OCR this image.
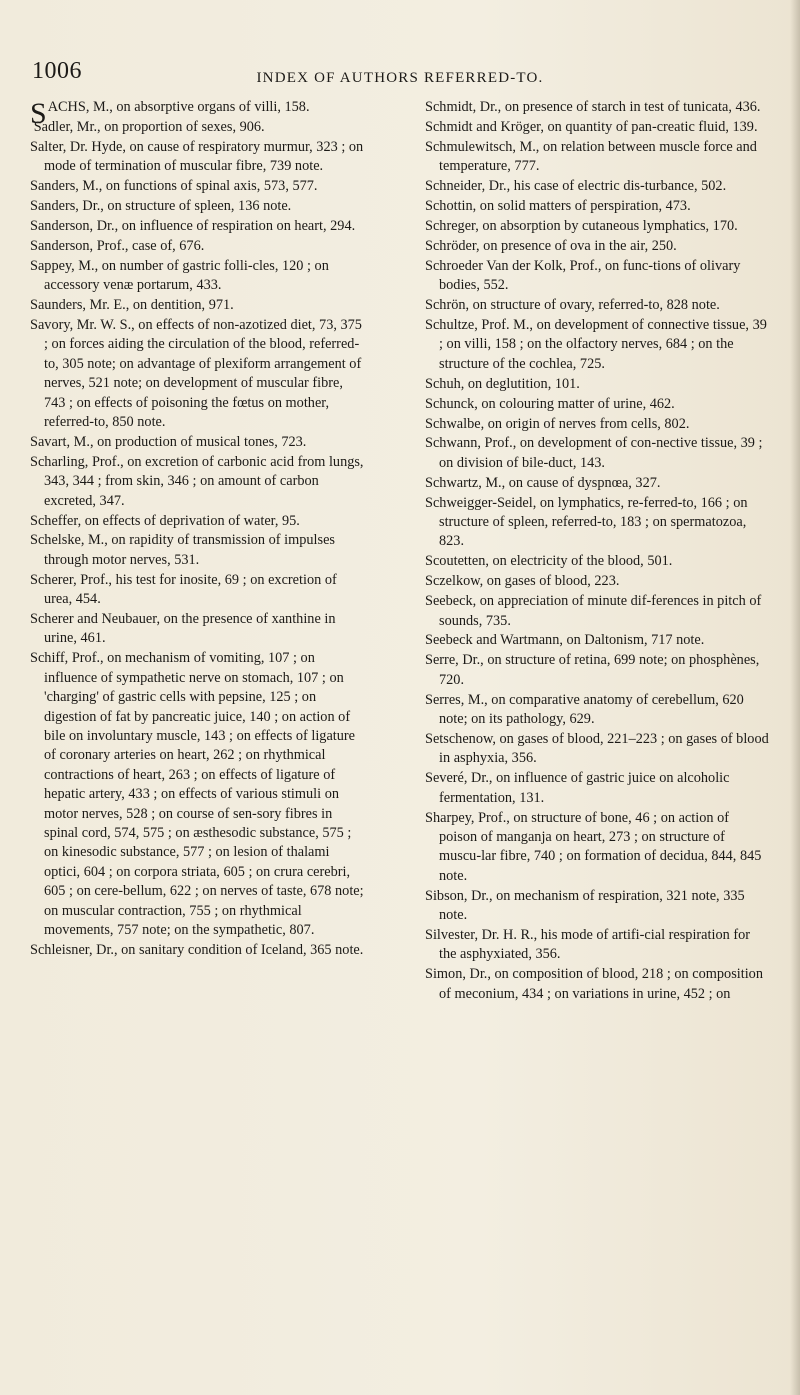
1006	INDEX OF AUTHORS REFERRED-TO.

SACHS, M., on absorptive organs of villi, 158.

Sadler, Mr., on proportion of sexes, 906.

Salter, Dr. Hyde, on cause of respiratory murmur, 323 ; on mode of termination of muscular fibre, 739 note.

Sanders, M., on functions of spinal axis, 573, 577.

Sanders, Dr., on structure of spleen, 136 note.

Sanderson, Dr., on influence of respiration on heart, 294.

Sanderson, Prof., case of, 676.

Sappey, M., on number of gastric folli-cles, 120 ; on accessory venæ portarum, 433.

Saunders, Mr. E., on dentition, 971.

Savory, Mr. W. S., on effects of non-azotized diet, 73, 375 ; on forces aiding the circulation of the blood, referred-to, 305 note; on advantage of plexiform arrangement of nerves, 521 note; on development of muscular fibre, 743 ; on effects of poisoning the fœtus on mother, referred-to, 850 note.

Savart, M., on production of musical tones, 723.

Scharling, Prof., on excretion of carbonic acid from lungs, 343, 344 ; from skin, 346 ; on amount of carbon excreted, 347.

Scheffer, on effects of deprivation of water, 95.

Schelske, M., on rapidity of transmission of impulses through motor nerves, 531.

Scherer, Prof., his test for inosite, 69 ; on excretion of urea, 454.

Scherer and Neubauer, on the presence of xanthine in urine, 461.

Schiff, Prof., on mechanism of vomiting, 107 ; on influence of sympathetic nerve on stomach, 107 ; on 'charging' of gastric cells with pepsine, 125 ; on digestion of fat by pancreatic juice, 140 ; on action of bile on involuntary muscle, 143 ; on effects of ligature of coronary arteries on heart, 262 ; on rhythmical contractions of heart, 263 ; on effects of ligature of hepatic artery, 433 ; on effects of various stimuli on motor nerves, 528 ; on course of sen-sory fibres in spinal cord, 574, 575 ; on æsthesodic substance, 575 ; on kinesodic substance, 577 ; on lesion of thalami optici, 604 ; on corpora striata, 605 ; on crura cerebri, 605 ; on cere-bellum, 622 ; on nerves of taste, 678 note; on muscular contraction, 755 ; on rhythmical movements, 757 note; on the sympathetic, 807.

Schleisner, Dr., on sanitary condition of Iceland, 365 note.

Schmidt, Dr., on presence of starch in test of tunicata, 436.

Schmidt and Kröger, on quantity of pan-creatic fluid, 139.

Schmulewitsch, M., on relation between muscle force and temperature, 777.

Schneider, Dr., his case of electric dis-turbance, 502.

Schottin, on solid matters of perspiration, 473.

Schreger, on absorption by cutaneous lymphatics, 170.

Schröder, on presence of ova in the air, 250.

Schroeder Van der Kolk, Prof., on func-tions of olivary bodies, 552.

Schrön, on structure of ovary, referred-to, 828 note.

Schultze, Prof. M., on development of connective tissue, 39 ; on villi, 158 ; on the olfactory nerves, 684 ; on the structure of the cochlea, 725.

Schuh, on deglutition, 101.

Schunck, on colouring matter of urine, 462.

Schwalbe, on origin of nerves from cells, 802.

Schwann, Prof., on development of con-nective tissue, 39 ; on division of bile-duct, 143.

Schwartz, M., on cause of dyspnœa, 327.

Schweigger-Seidel, on lymphatics, re-ferred-to, 166 ; on structure of spleen, referred-to, 183 ; on spermatozoa, 823.

Scoutetten, on electricity of the blood, 501.

Sczelkow, on gases of blood, 223.

Seebeck, on appreciation of minute dif-ferences in pitch of sounds, 735.

Seebeck and Wartmann, on Daltonism, 717 note.

Serre, Dr., on structure of retina, 699 note; on phosphènes, 720.

Serres, M., on comparative anatomy of cerebellum, 620 note; on its pathology, 629.

Setschenow, on gases of blood, 221–223 ; on gases of blood in asphyxia, 356.

Severé, Dr., on influence of gastric juice on alcoholic fermentation, 131.

Sharpey, Prof., on structure of bone, 46 ; on action of poison of manganja on heart, 273 ; on structure of muscu-lar fibre, 740 ; on formation of decidua, 844, 845 note.

Sibson, Dr., on mechanism of respiration, 321 note, 335 note.

Silvester, Dr. H. R., his mode of artifi-cial respiration for the asphyxiated, 356.

Simon, Dr., on composition of blood, 218 ; on composition of meconium, 434 ; on variations in urine, 452 ; on
